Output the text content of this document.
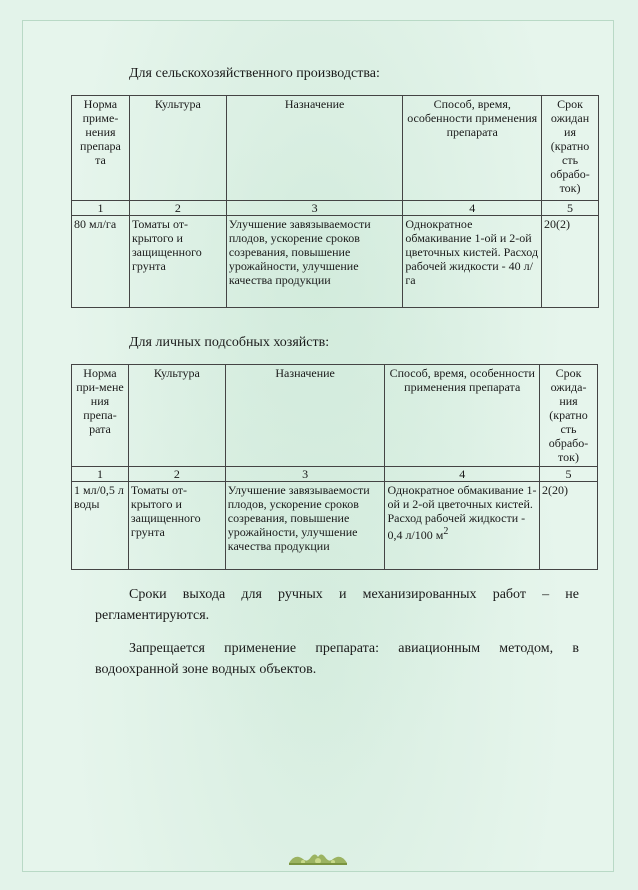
Для сельскохозяйственного производства:
Норма приме-нения препара та	Культура	Назначение	Способ, время, особенности применения препарата	Срок ожидан ия (кратно сть обрабо-ток)
1	2	3	4	5
80 мл/га	Томаты от-крытого и защищенного грунта	Улучшение завязываемости плодов, ускорение сроков созревания, повышение урожайности, улучшение качества продукции	Однократное обмакивание 1-ой и 2-ой цветочных кистей. Расход рабочей жидкости - 40 л/га	20(2)
Для личных подсобных хозяйств:
Норма при-мене ния препа-рата	Культура	Назначение	Способ, время, особенности применения препарата	Срок ожида-ния (кратно сть обрабо-ток)
1	2	3	4	5
1 мл/0,5 л воды	Томаты от-крытого и защищенного грунта	Улучшение завязываемости плодов, ускорение сроков созревания, повышение урожайности, улучшение качества продукции	Однократное обмакивание 1-ой и 2-ой цветочных кистей. Расход рабочей жидкости - 0,4 л/100 $м^2$	2(20)
Сроки выхода для ручных и механизированных работ – не
регламентируются.
Запрещается применение препарата: авиационным методом, в
водоохранной зоне водных объектов.
